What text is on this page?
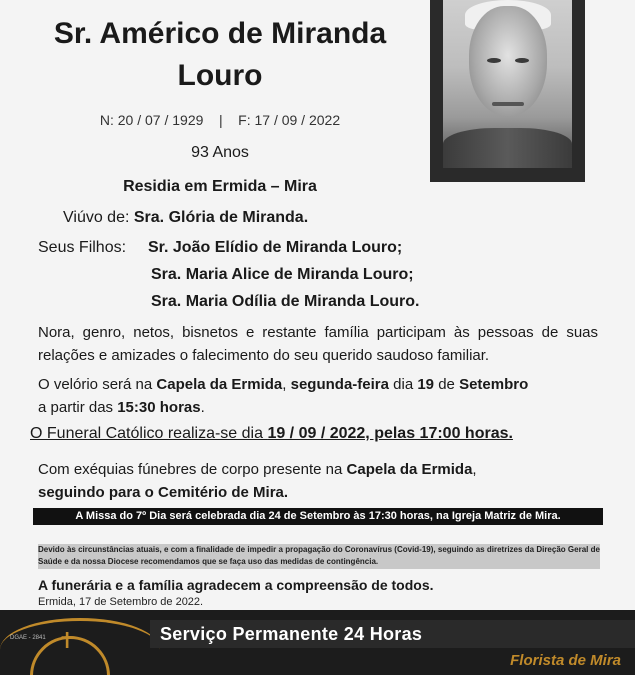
Sr. Américo de Miranda
Louro
N: 20 / 07 / 1929    |    F: 17 / 09 / 2022
93 Anos
Residia em Ermida – Mira
Viúvo de: Sra. Glória de Miranda.
Seus Filhos: Sr. João Elídio de Miranda Louro;
Sra. Maria Alice de Miranda Louro;
Sra. Maria Odília de Miranda Louro.
Nora, genro, netos, bisnetos e restante família participam às pessoas de suas relações e amizades o falecimento do seu querido saudoso familiar.
O velório será na Capela da Ermida, segunda-feira dia 19 de Setembro
a partir das 15:30 horas.
O Funeral Católico realiza-se dia 19 / 09 / 2022, pelas 17:00 horas.
Com exéquias fúnebres de corpo presente na Capela da Ermida,
seguindo para o Cemitério de Mira.
A Missa do 7º Dia será celebrada dia 24 de Setembro às 17:30 horas, na Igreja Matriz de Mira.
Devido às circunstâncias atuais, e com a finalidade de impedir a propagação do Coronavírus (Covid-19), seguindo as diretrizes da Direção Geral de Saúde e da nossa Diocese recomendamos que se faça uso das medidas de contingência.
A funerária e a família agradecem a compreensão de todos.
Ermida, 17 de Setembro de 2022.
✝
DGAE - 2841	Serviço Permanente 24 Horas
Florista de Mira
